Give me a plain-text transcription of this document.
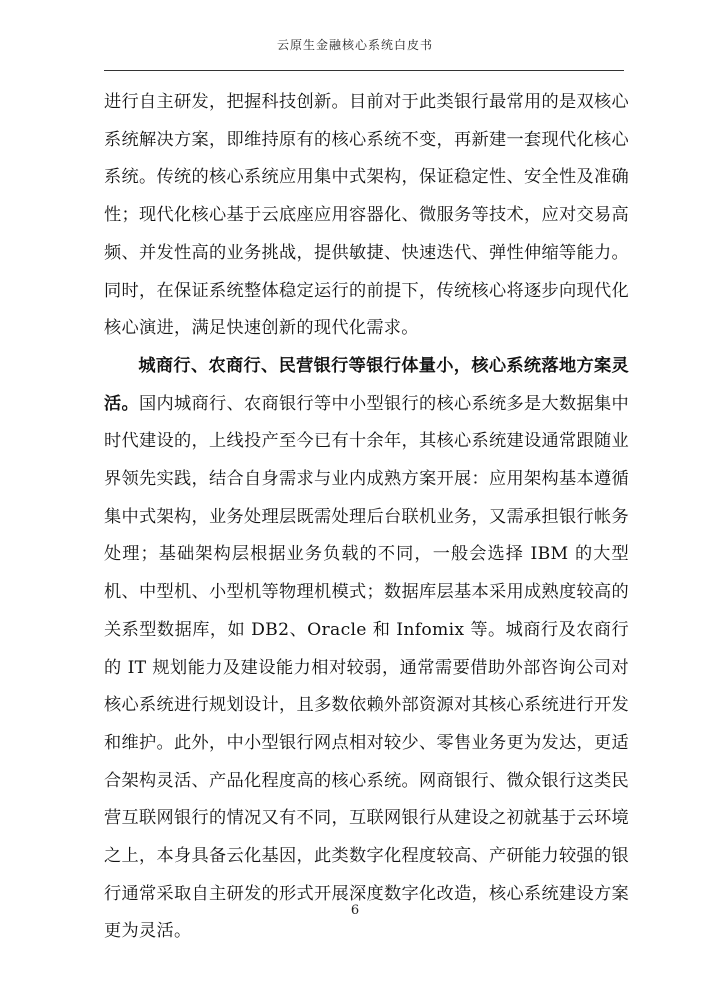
云原生金融核心系统白皮书

进行自主研发，把握科技创新。目前对于此类银行最常用的是双核心系统解决方案，即维持原有的核心系统不变，再新建一套现代化核心系统。传统的核心系统应用集中式架构，保证稳定性、安全性及准确性；现代化核心基于云底座应用容器化、微服务等技术，应对交易高频、并发性高的业务挑战，提供敏捷、快速迭代、弹性伸缩等能力。同时，在保证系统整体稳定运行的前提下，传统核心将逐步向现代化核心演进，满足快速创新的现代化需求。

城商行、农商行、民营银行等银行体量小，核心系统落地方案灵活。国内城商行、农商银行等中小型银行的核心系统多是大数据集中时代建设的，上线投产至今已有十余年，其核心系统建设通常跟随业界领先实践，结合自身需求与业内成熟方案开展：应用架构基本遵循集中式架构，业务处理层既需处理后台联机业务，又需承担银行帐务处理；基础架构层根据业务负载的不同，一般会选择 IBM 的大型机、中型机、小型机等物理机模式；数据库层基本采用成熟度较高的关系型数据库，如 DB2、Oracle 和 Infomix 等。城商行及农商行的 IT 规划能力及建设能力相对较弱，通常需要借助外部咨询公司对核心系统进行规划设计，且多数依赖外部资源对其核心系统进行开发和维护。此外，中小型银行网点相对较少、零售业务更为发达，更适合架构灵活、产品化程度高的核心系统。网商银行、微众银行这类民营互联网银行的情况又有不同，互联网银行从建设之初就基于云环境之上，本身具备云化基因，此类数字化程度较高、产研能力较强的银行通常采取自主研发的形式开展深度数字化改造，核心系统建设方案更为灵活。

6
